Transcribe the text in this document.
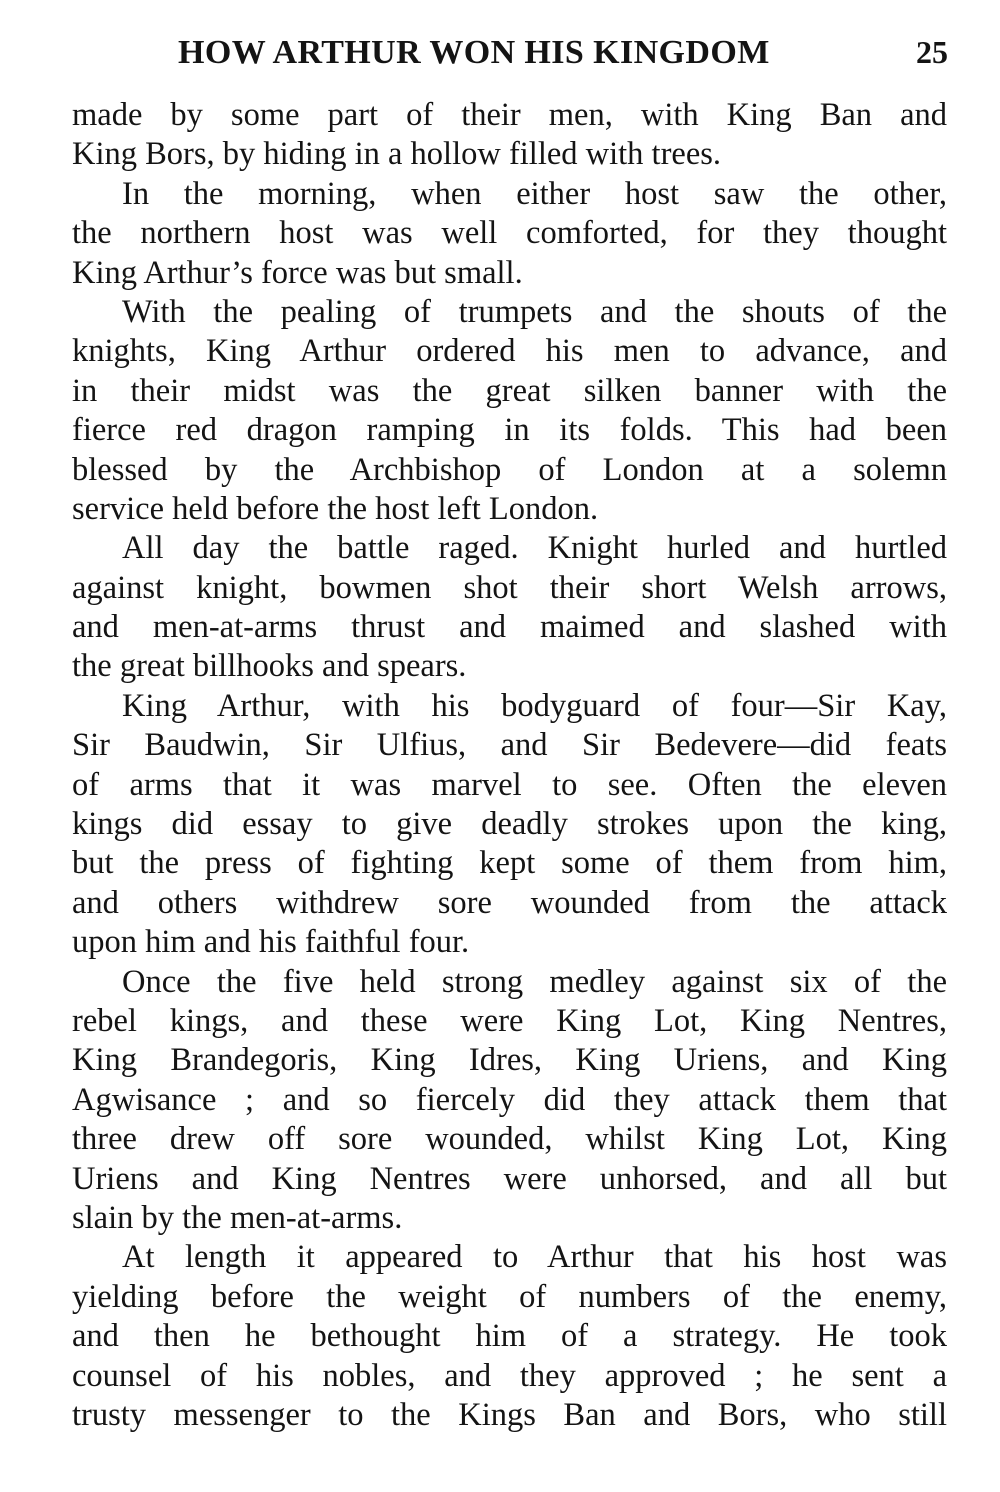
HOW ARTHUR WON HIS KINGDOM	25
made by some part of their men, with King Ban and
King Bors, by hiding in a hollow filled with trees.
In the morning, when either host saw the other,
the northern host was well comforted, for they thought
King Arthur’s force was but small.
With the pealing of trumpets and the shouts of the
knights, King Arthur ordered his men to advance, and
in their midst was the great silken banner with the
fierce red dragon ramping in its folds. This had been
blessed by the Archbishop of London at a solemn
service held before the host left London.
All day the battle raged. Knight hurled and hurtled
against knight, bowmen shot their short Welsh arrows,
and men-at-arms thrust and maimed and slashed with
the great billhooks and spears.
King Arthur, with his bodyguard of four—Sir Kay,
Sir Baudwin, Sir Ulfius, and Sir Bedevere—did feats
of arms that it was marvel to see. Often the eleven
kings did essay to give deadly strokes upon the king,
but the press of fighting kept some of them from him,
and others withdrew sore wounded from the attack
upon him and his faithful four.
Once the five held strong medley against six of the
rebel kings, and these were King Lot, King Nentres,
King Brandegoris, King Idres, King Uriens, and King
Agwisance ; and so fiercely did they attack them that
three drew off sore wounded, whilst King Lot, King
Uriens and King Nentres were unhorsed, and all but
slain by the men-at-arms.
At length it appeared to Arthur that his host was
yielding before the weight of numbers of the enemy,
and then he bethought him of a strategy. He took
counsel of his nobles, and they approved ; he sent a
trusty messenger to the Kings Ban and Bors, who still
